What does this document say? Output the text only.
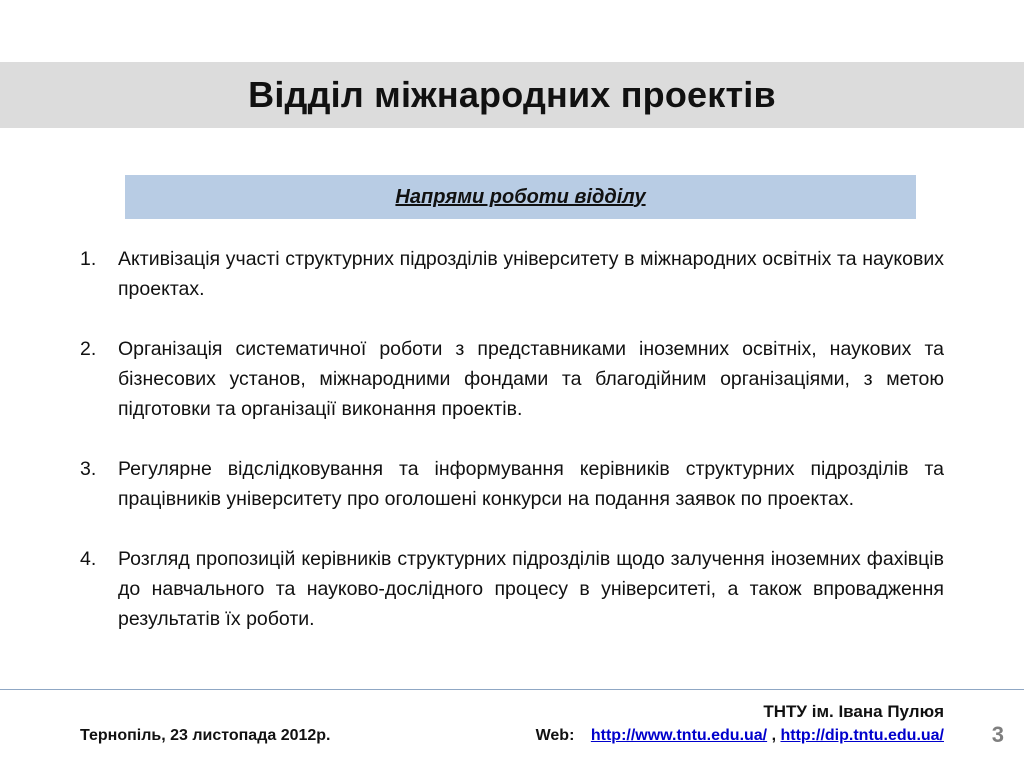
Відділ міжнародних проектів
Напрями роботи відділу
1. Активізація участі структурних підрозділів університету в міжнародних освітніх та наукових проектах.
2. Організація систематичної роботи з представниками іноземних освітніх, наукових та бізнесових установ, міжнародними фондами та благодійним організаціями, з метою підготовки та організації виконання проектів.
3. Регулярне відслідковування та інформування керівників структурних підрозділів та працівників університету про оголошені конкурси на подання заявок по проектах.
4. Розгляд пропозицій керівників структурних підрозділів щодо залучення іноземних фахівців до навчального та науково-дослідного процесу в університеті, а також впровадження результатів їх роботи.
Тернопіль, 23 листопада 2012р.
ТНТУ ім. Івана Пулюя
Web: http://www.tntu.edu.ua/ , http://dip.tntu.edu.ua/ 3
